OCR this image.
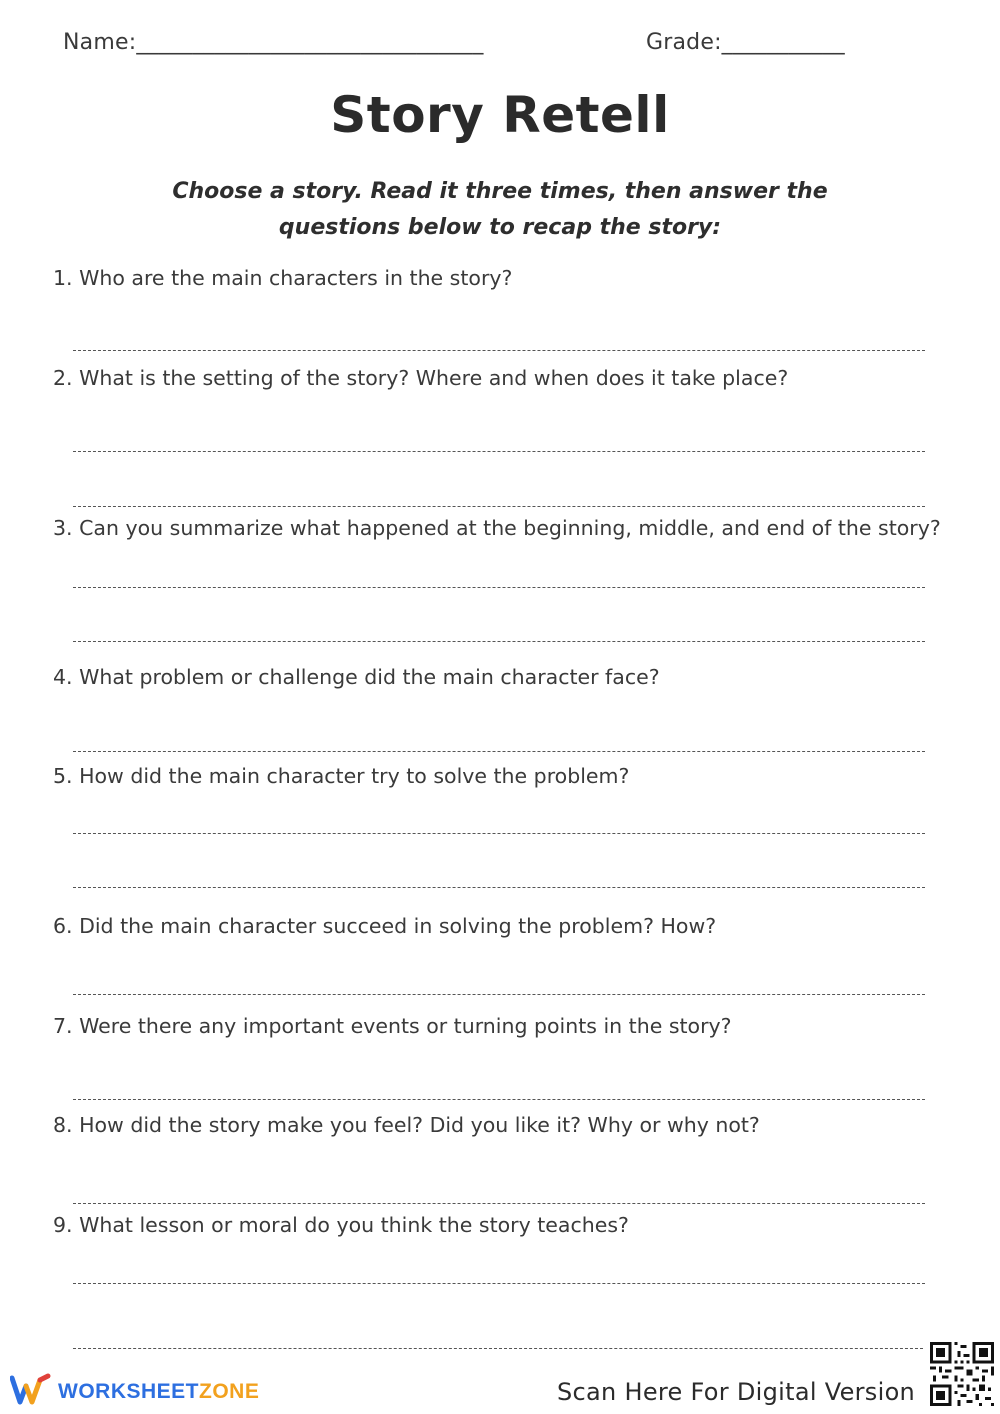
Name:_______________________________	Grade:___________
Story Retell
Choose a story. Read it three times, then answer the
questions below to recap the story:
1. Who are the main characters in the story?
2. What is the setting of the story? Where and when does it take place?
3. Can you summarize what happened at the beginning, middle, and end of the story?
4. What problem or challenge did the main character face?
5. How did the main character try to solve the problem?
6. Did the main character succeed in solving the problem? How?
7. Were there any important events or turning points in the story?
8. How did the story make you feel? Did you like it? Why or why not?
9. What lesson or moral do you think the story teaches?
WORKSHEETZONE	Scan Here For Digital Version
